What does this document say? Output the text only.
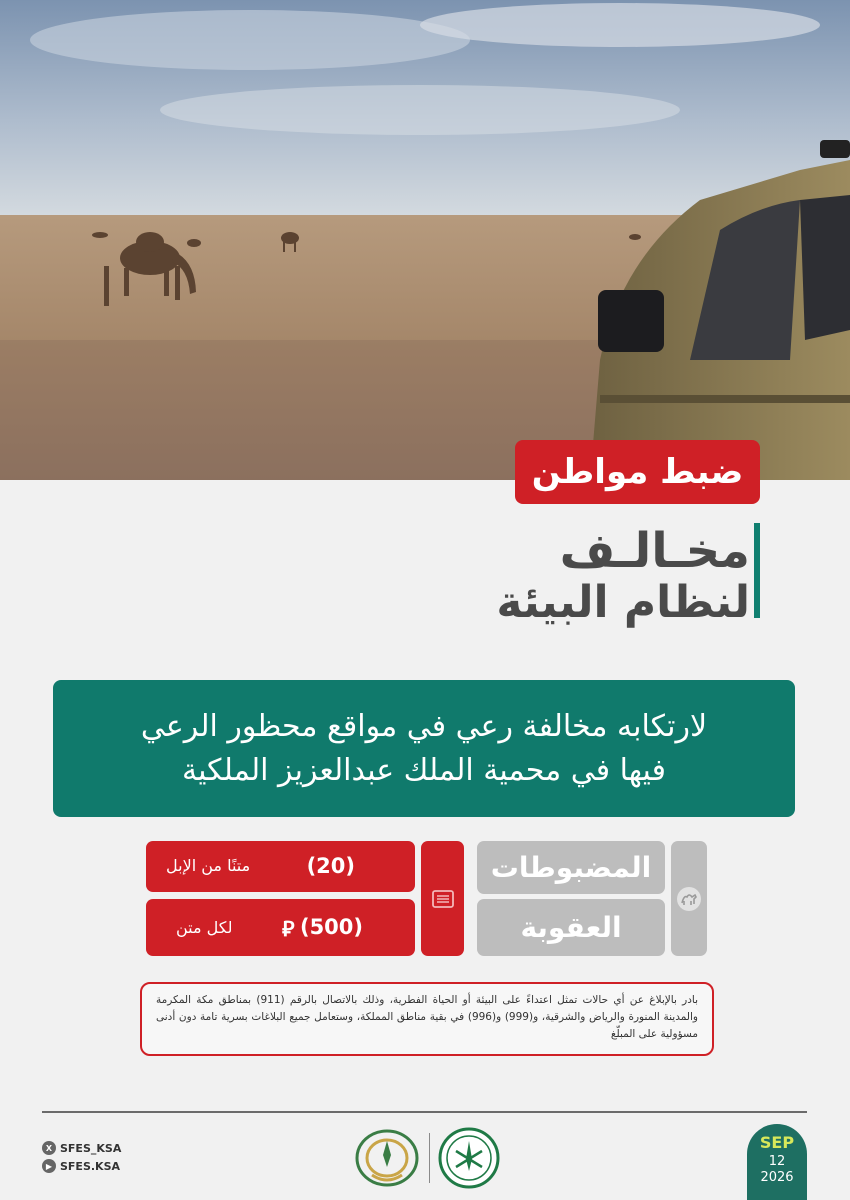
ضبط مواطن
مخـالـف
لنظام البيئة
لارتكابه مخالفة رعي في مواقع محظور الرعي
فيها في محمية الملك عبدالعزيز الملكية
المضبوطات
العقوبة
(20)
متنًا من الإبل
(500)
⃁
لكل متن
بادر بالإبلاغ عن أي حالات تمثل اعتداءً على البيئة أو الحياة الفطرية، وذلك بالاتصال بالرقم (911) بمناطق مكة المكرمة والمدينة المنورة والرياض والشرقية، و(999) و(996) في بقية مناطق المملكة، وستعامل جميع البلاغات بسرية تامة دون أدنى مسؤولية على المبلّغ
X SFES_KSA
▶ SFES.KSA
SEP
12
2026
